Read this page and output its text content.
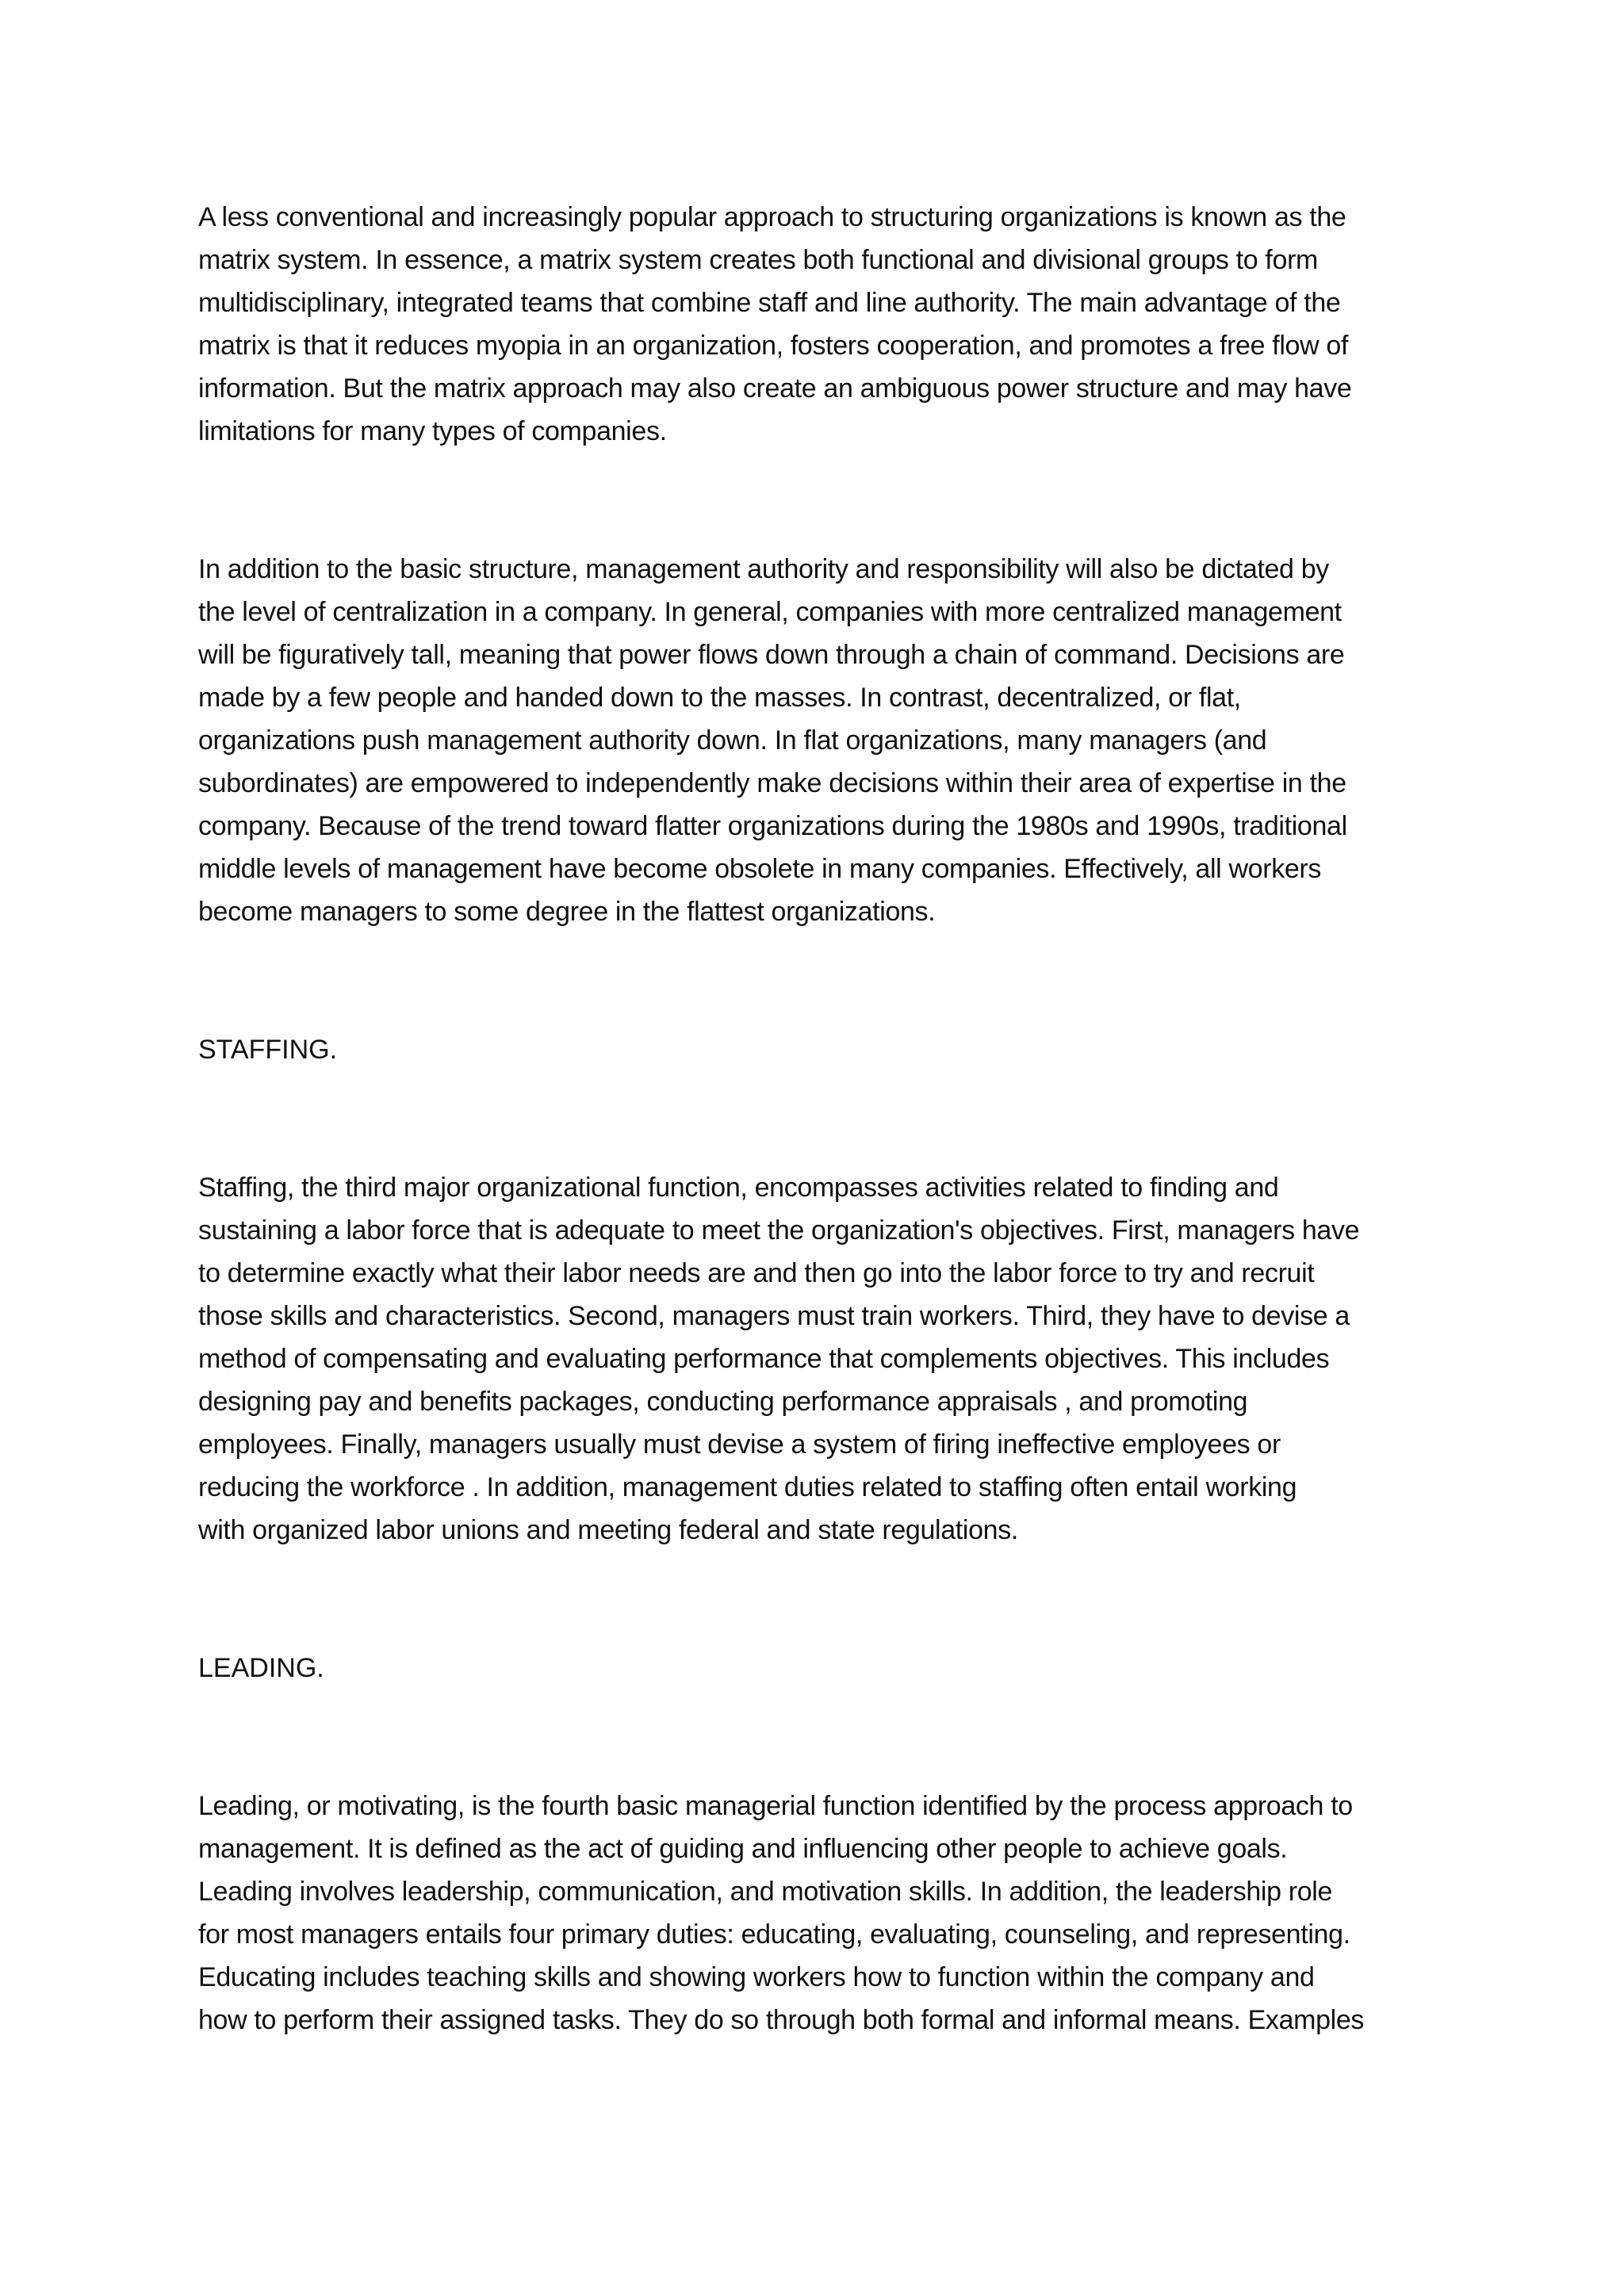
A less conventional and increasingly popular approach to structuring organizations is known as the

matrix system. In essence, a matrix system creates both functional and divisional groups to form

multidisciplinary, integrated teams that combine staff and line authority. The main advantage of the

matrix is that it reduces myopia in an organization, fosters cooperation, and promotes a free flow of

information. But the matrix approach may also create an ambiguous power structure and may have

limitations for many types of companies.

In addition to the basic structure, management authority and responsibility will also be dictated by

the level of centralization in a company. In general, companies with more centralized management

will be figuratively tall, meaning that power flows down through a chain of command. Decisions are

made by a few people and handed down to the masses. In contrast, decentralized, or flat,

organizations push management authority down. In flat organizations, many managers (and

subordinates) are empowered to independently make decisions within their area of expertise in the

company. Because of the trend toward flatter organizations during the 1980s and 1990s, traditional

middle levels of management have become obsolete in many companies. Effectively, all workers

become managers to some degree in the flattest organizations.

STAFFING.

Staffing, the third major organizational function, encompasses activities related to finding and

sustaining a labor force that is adequate to meet the organization's objectives. First, managers have

to determine exactly what their labor needs are and then go into the labor force to try and recruit

those skills and characteristics. Second, managers must train workers. Third, they have to devise a

method of compensating and evaluating performance that complements objectives. This includes

designing pay and benefits packages, conducting performance appraisals , and promoting

employees. Finally, managers usually must devise a system of firing ineffective employees or

reducing the workforce . In addition, management duties related to staffing often entail working

with organized labor unions and meeting federal and state regulations.

LEADING.

Leading, or motivating, is the fourth basic managerial function identified by the process approach to

management. It is defined as the act of guiding and influencing other people to achieve goals.

Leading involves leadership, communication, and motivation skills. In addition, the leadership role

for most managers entails four primary duties: educating, evaluating, counseling, and representing.

Educating includes teaching skills and showing workers how to function within the company and

how to perform their assigned tasks. They do so through both formal and informal means. Examples
